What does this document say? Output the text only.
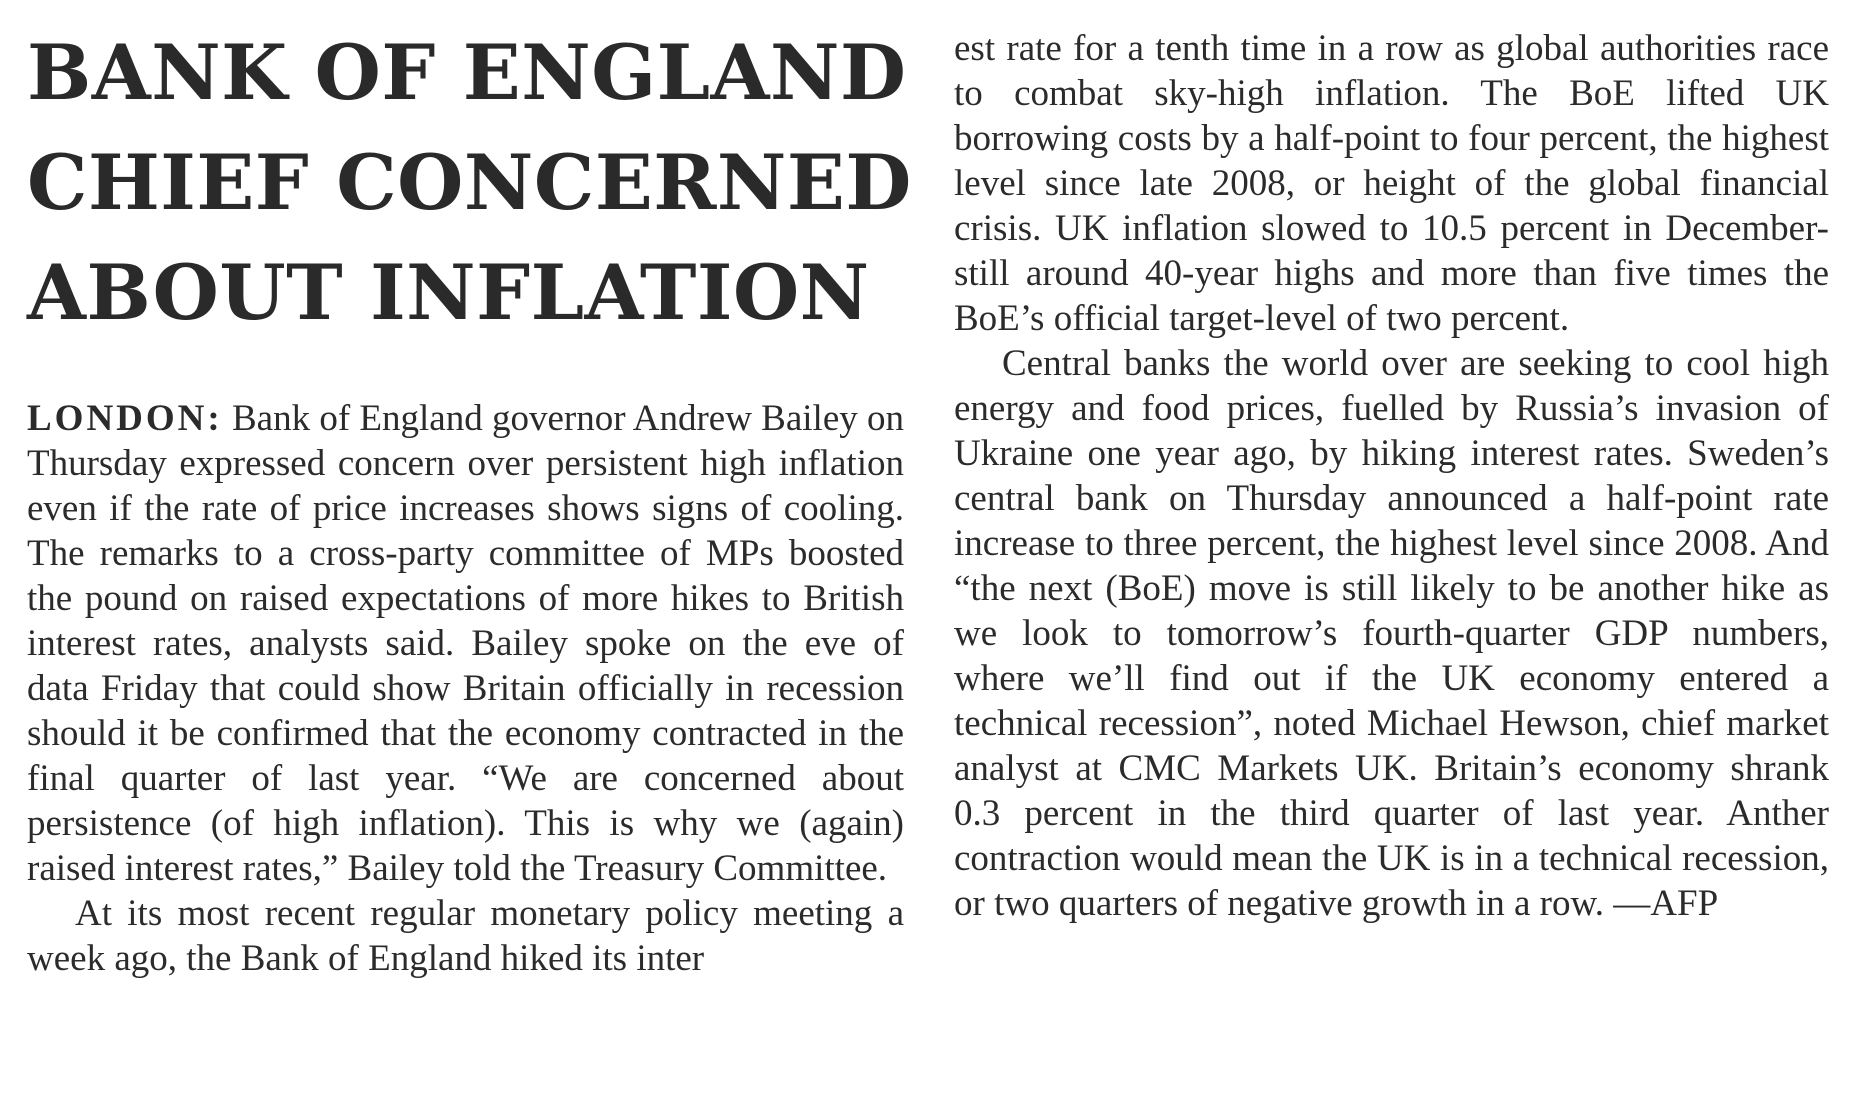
BANK OF ENGLAND
CHIEF CONCERNED
ABOUT INFLATION

LONDON: Bank of England governor Andrew Bailey on Thursday expressed concern over persistent high inflation even if the rate of price increases shows signs of cooling. The remarks to a cross-party committee of MPs boosted the pound on raised expectations of more hikes to British interest rates, analysts said. Bailey spoke on the eve of data Friday that could show Britain officially in recession should it be confirmed that the economy contracted in the final quarter of last year. “We are concerned about persistence (of high inflation). This is why we (again) raised interest rates,” Bailey told the Treasury Committee.

At its most recent regular monetary policy meeting a week ago, the Bank of England hiked its inter

est rate for a tenth time in a row as global authorities race to combat sky-high inflation. The BoE lifted UK borrowing costs by a half-point to four percent, the highest level since late 2008, or height of the global financial crisis. UK inflation slowed to 10.5 percent in December-still around 40-year highs and more than five times the BoE’s official target-level of two percent.

Central banks the world over are seeking to cool high energy and food prices, fuelled by Russia’s invasion of Ukraine one year ago, by hiking interest rates. Sweden’s central bank on Thursday announced a half-point rate increase to three percent, the highest level since 2008. And “the next (BoE) move is still likely to be another hike as we look to tomorrow’s fourth-quarter GDP numbers, where we’ll find out if the UK economy entered a technical recession”, noted Michael Hewson, chief market analyst at CMC Markets UK. Britain’s economy shrank 0.3 percent in the third quarter of last year. Anther contraction would mean the UK is in a technical recession, or two quarters of negative growth in a row. —AFP
